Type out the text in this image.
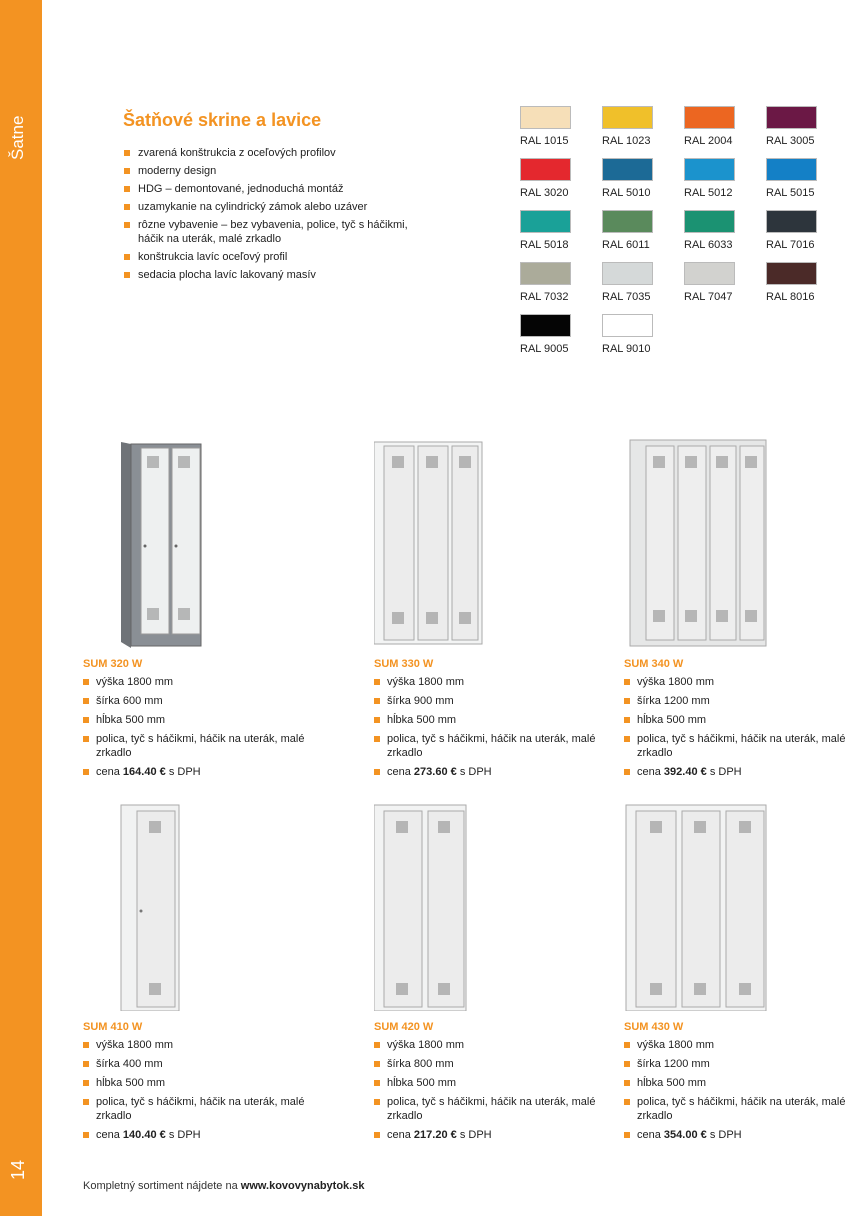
Šatne
14
Šatňové skrine a lavice
zvarená konštrukcia z oceľových profilov
moderny design
HDG – demontované, jednoduchá montáž
uzamykanie na cylindrický zámok alebo uzáver
rôzne vybavenie – bez vybavenia, police, tyč s háčikmi, háčik na uterák, malé zrkadlo
konštrukcia lavíc oceľový profil
sedacia plocha lavíc lakovaný masív
RAL 1015	RAL 1023	RAL 2004	RAL 3005
RAL 3020	RAL 5010	RAL 5012	RAL 5015
RAL 5018	RAL 6011	RAL 6033	RAL 7016
RAL 7032	RAL 7035	RAL 7047	RAL 8016
RAL 9005	RAL 9010
SUM 320 W
výška 1800 mm
šírka 600 mm
hĺbka 500 mm
polica, tyč s háčikmi, háčik na uterák, malé zrkadlo
cena 164.40 € s DPH
SUM 330 W
výška 1800 mm
šírka 900 mm
hĺbka 500 mm
polica, tyč s háčikmi, háčik na uterák, malé zrkadlo
cena 273.60 € s DPH
SUM 340 W
výška 1800 mm
šírka 1200 mm
hĺbka 500 mm
polica, tyč s háčikmi, háčik na uterák, malé zrkadlo
cena 392.40 € s DPH
SUM 410 W
výška 1800 mm
šírka 400 mm
hĺbka 500 mm
polica, tyč s háčikmi, háčik na uterák, malé zrkadlo
cena 140.40 € s DPH
SUM 420 W
výška 1800 mm
šírka 800 mm
hĺbka 500 mm
polica, tyč s háčikmi, háčik na uterák, malé zrkadlo
cena 217.20 € s DPH
SUM 430 W
výška 1800 mm
šírka 1200 mm
hĺbka 500 mm
polica, tyč s háčikmi, háčik na uterák, malé zrkadlo
cena 354.00 € s DPH
Kompletný sortiment nájdete na www.kovovynabytok.sk
